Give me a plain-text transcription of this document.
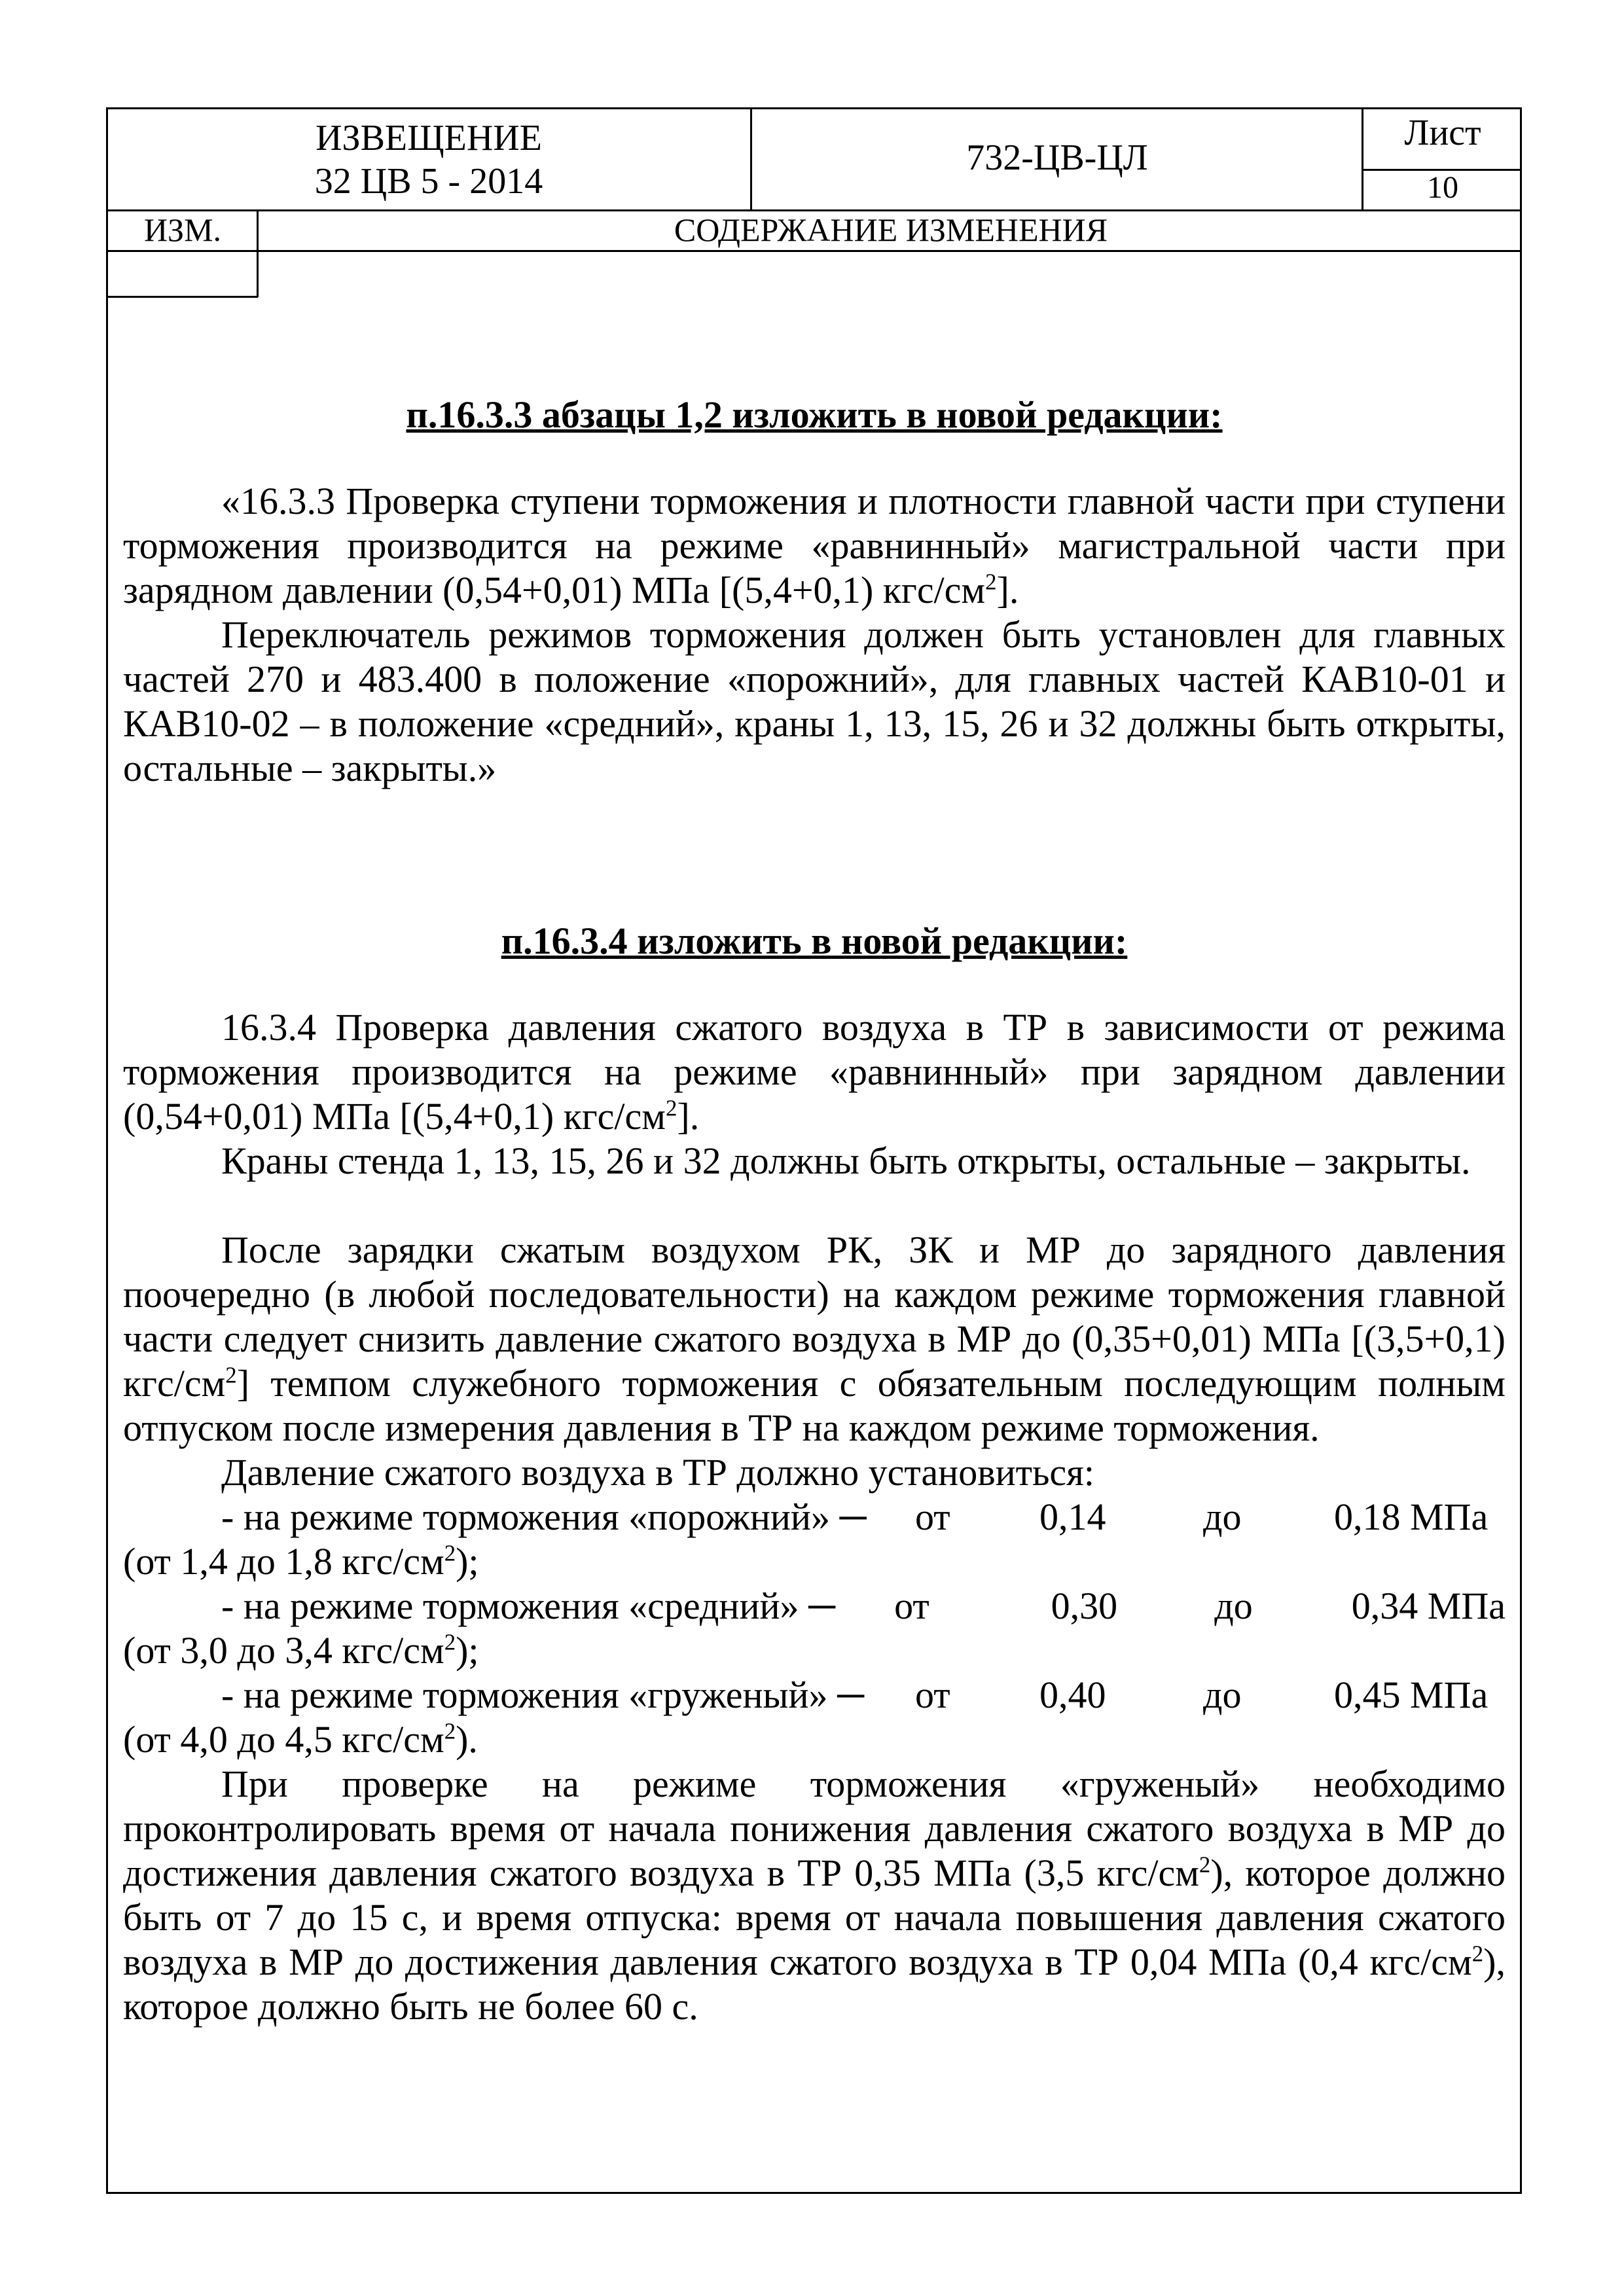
ИЗВЕЩЕНИЕ
32 ЦВ 5 - 2014
732-ЦВ-ЦЛ
Лист
10
ИЗМ.	СОДЕРЖАНИЕ ИЗМЕНЕНИЯ
п.16.3.3 абзацы 1,2 изложить в новой редакции:
«16.3.3 Проверка ступени торможения и плотности главной части при ступени торможения производится на режиме «равнинный» магистральной части при зарядном давлении (0,54+0,01) МПа [(5,4+0,1) кгс/$см^2$].
Переключатель режимов торможения должен быть установлен для главных частей 270 и 483.400 в положение «порожний», для главных частей КАВ10-01 и КАВ10-02 – в положение «средний», краны 1, 13, 15, 26 и 32 должны быть открыты, остальные – закрыты.»
п.16.3.4 изложить в новой редакции:
16.3.4 Проверка давления сжатого воздуха в ТР в зависимости от режима торможения производится на режиме «равнинный» при зарядном давлении (0,54+0,01) МПа [(5,4+0,1) кгс/$см^2$].
Краны стенда 1, 13, 15, 26 и 32 должны быть открыты, остальные – закрыты.
После зарядки сжатым воздухом РК, ЗК и МР до зарядного давления поочередно (в любой последовательности) на каждом режиме торможения главной части следует снизить давление сжатого воздуха в МР до (0,35+0,01) МПа [(3,5+0,1) кгс/$см^2$] темпом служебного торможения с обязательным последующим полным отпуском после измерения давления в ТР на каждом режиме торможения.
Давление сжатого воздуха в ТР должно установиться:
- на режиме торможения «порожний» ─	от	0,14	до	0,18 МПа
(от 1,4 до 1,8 кгс/$см^2$);
- на режиме торможения «средний» ─	от	0,30	до	0,34 МПа
(от 3,0 до 3,4 кгс/$см^2$);
- на режиме торможения «груженый» ─	от	0,40	до	0,45 МПа
(от 4,0 до 4,5 кгс/$см^2$).
При проверке на режиме торможения «груженый» необходимо проконтролировать время от начала понижения давления сжатого воздуха в МР до достижения давления сжатого воздуха в ТР 0,35 МПа (3,5 кгс/$см^2$), которое должно быть от 7 до 15 с, и время отпуска: время от начала повышения давления сжатого воздуха в МР до достижения давления сжатого воздуха в ТР 0,04 МПа (0,4 кгс/$см^2$), которое должно быть не более 60 с.
